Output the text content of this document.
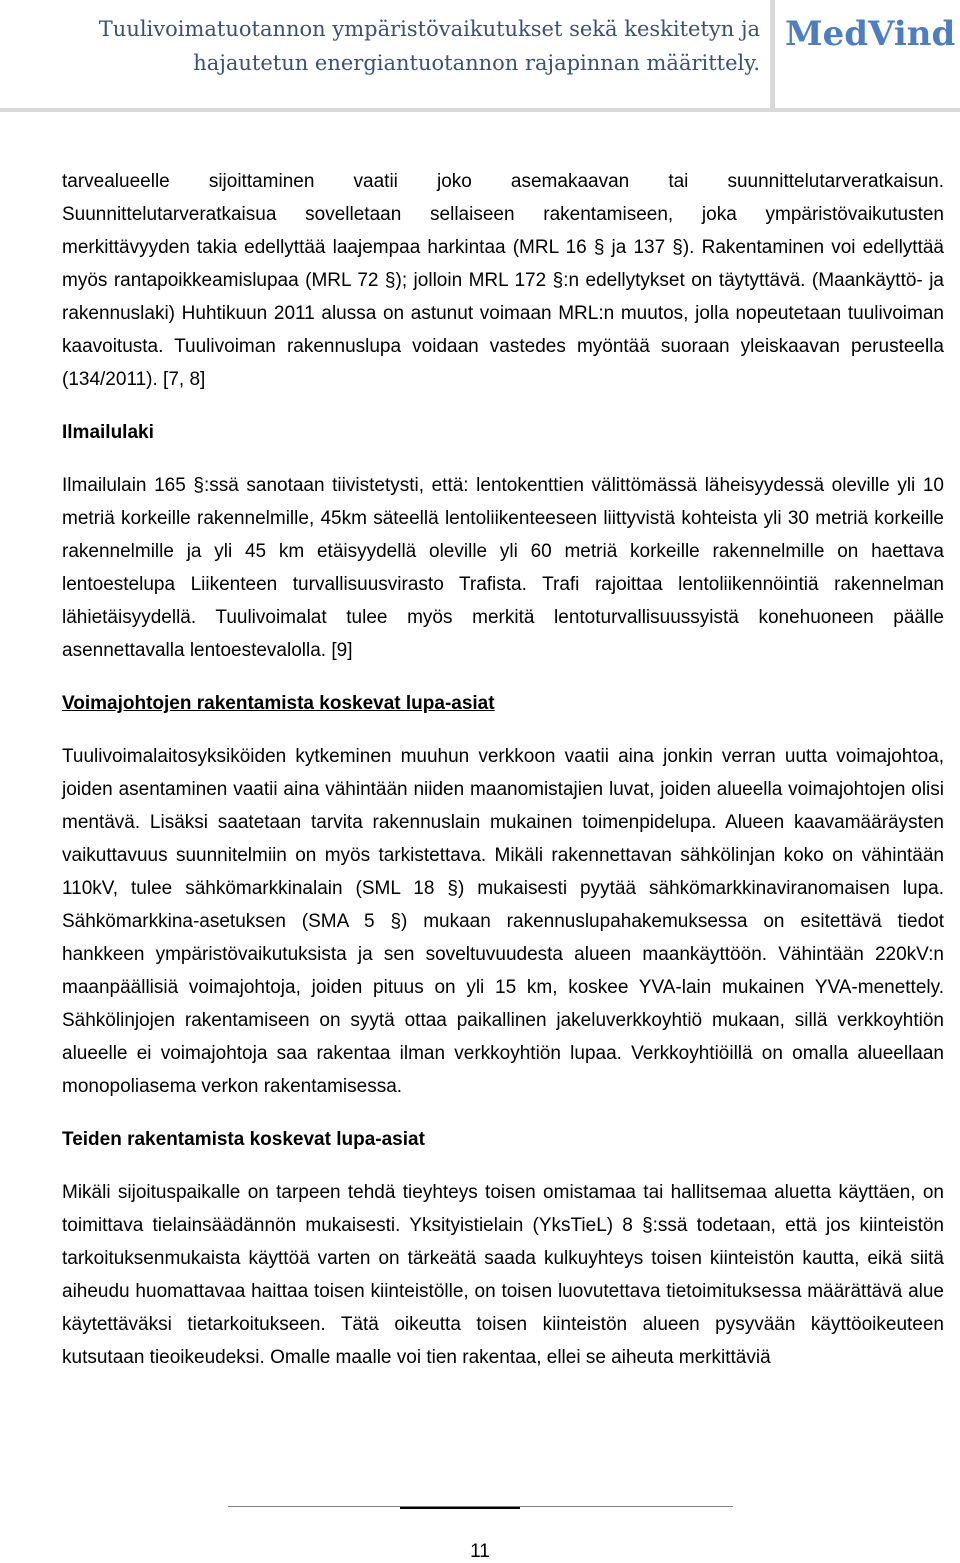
Tuulivoimatuotannon ympäristövaikutukset sekä keskitetyn ja
hajautetun energiantuotannon rajapinnan määrittely.
MedVind

tarvealueelle sijoittaminen vaatii joko asemakaavan tai suunnittelutarveratkaisun. Suunnittelutarveratkaisua sovelletaan sellaiseen rakentamiseen, joka ympäristövaikutusten merkittävyyden takia edellyttää laajempaa harkintaa (MRL 16 § ja 137 §). Rakentaminen voi edellyttää myös rantapoikkeamislupaa (MRL 72 §); jolloin MRL 172 §:n edellytykset on täytyttävä. (Maankäyttö- ja rakennuslaki) Huhtikuun 2011 alussa on astunut voimaan MRL:n muutos, jolla nopeutetaan tuulivoiman kaavoitusta. Tuulivoiman rakennuslupa voidaan vastedes myöntää suoraan yleiskaavan perusteella (134/2011). [7, 8]

Ilmailulaki

Ilmailulain 165 §:ssä sanotaan tiivistetysti, että: lentokenttien välittömässä läheisyydessä oleville yli 10 metriä korkeille rakennelmille, 45km säteellä lentoliikenteeseen liittyvistä kohteista yli 30 metriä korkeille rakennelmille ja yli 45 km etäisyydellä oleville yli 60 metriä korkeille rakennelmille on haettava lentoestelupa Liikenteen turvallisuusvirasto Trafista. Trafi rajoittaa lentoliikennöintiä rakennelman lähietäisyydellä. Tuulivoimalat tulee myös merkitä lentoturvallisuussyistä konehuoneen päälle asennettavalla lentoestevalolla. [9]

Voimajohtojen rakentamista koskevat lupa-asiat

Tuulivoimalaitosyksiköiden kytkeminen muuhun verkkoon vaatii aina jonkin verran uutta voimajohtoa, joiden asentaminen vaatii aina vähintään niiden maanomistajien luvat, joiden alueella voimajohtojen olisi mentävä. Lisäksi saatetaan tarvita rakennuslain mukainen toimenpidelupa. Alueen kaavamääräysten vaikuttavuus suunnitelmiin on myös tarkistettava. Mikäli rakennettavan sähkölinjan koko on vähintään 110kV, tulee sähkömarkkinalain (SML 18 §) mukaisesti pyytää sähkömarkkinaviranomaisen lupa. Sähkömarkkina-asetuksen (SMA 5 §) mukaan rakennuslupahakemuksessa on esitettävä tiedot hankkeen ympäristövaikutuksista ja sen soveltuvuudesta alueen maankäyttöön. Vähintään 220kV:n maanpäällisiä voimajohtoja, joiden pituus on yli 15 km, koskee YVA-lain mukainen YVA-menettely. Sähkölinjojen rakentamiseen on syytä ottaa paikallinen jakeluverkkoyhtiö mukaan, sillä verkkoyhtiön alueelle ei voimajohtoja saa rakentaa ilman verkkoyhtiön lupaa. Verkkoyhtiöillä on omalla alueellaan monopoliasema verkon rakentamisessa.

Teiden rakentamista koskevat lupa-asiat

Mikäli sijoituspaikalle on tarpeen tehdä tieyhteys toisen omistamaa tai hallitsemaa aluetta käyttäen, on toimittava tielainsäädännön mukaisesti. Yksityistielain (YksTieL) 8 §:ssä todetaan, että jos kiinteistön tarkoituksenmukaista käyttöä varten on tärkeätä saada kulkuyhteys toisen kiinteistön kautta, eikä siitä aiheudu huomattavaa haittaa toisen kiinteistölle, on toisen luovutettava tietoimituksessa määrättävä alue käytettäväksi tietarkoitukseen. Tätä oikeutta toisen kiinteistön alueen pysyvään käyttöoikeuteen kutsutaan tieoikeudeksi. Omalle maalle voi tien rakentaa, ellei se aiheuta merkittäviä

11
